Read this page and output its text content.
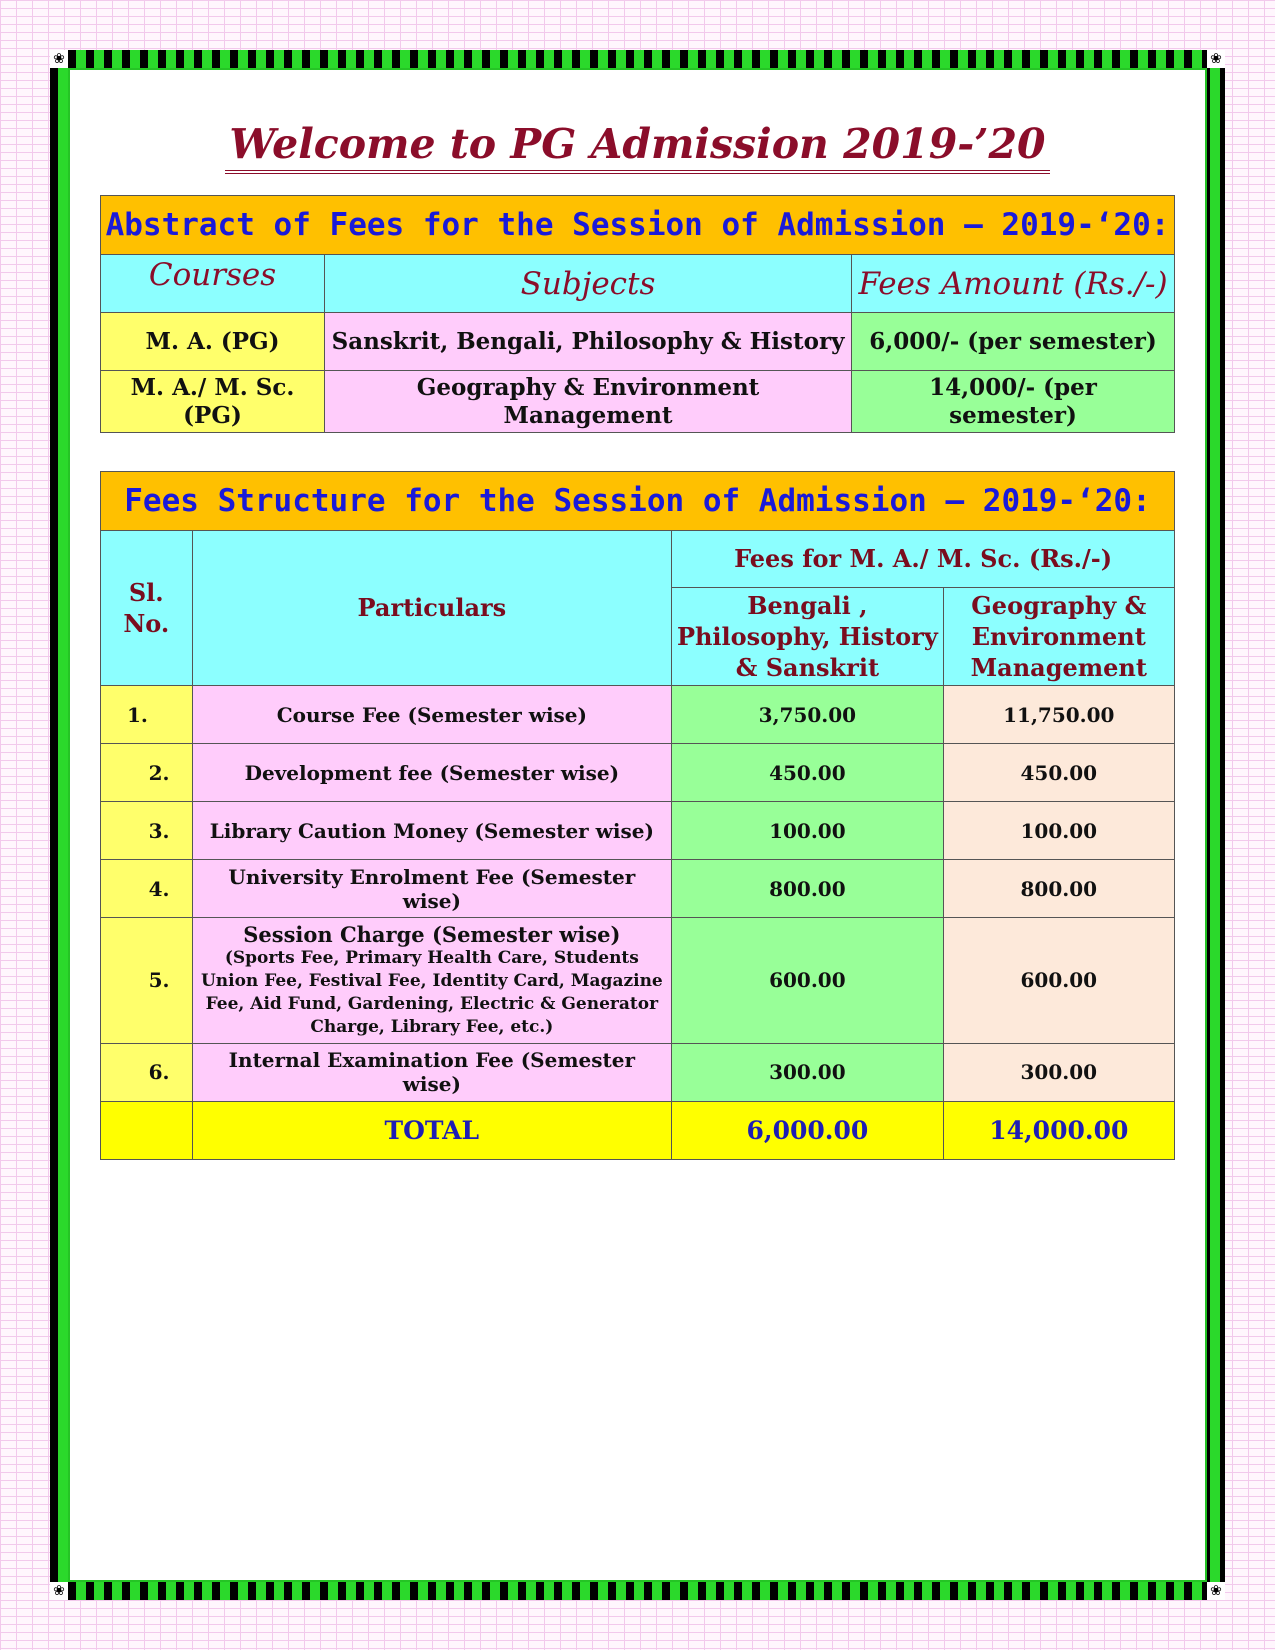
❀	❀
❀	❀
Welcome to PG Admission 2019-’20
Abstract of Fees for the Session of Admission – 2019-‘20:		
Courses	Subjects	Fees Amount (Rs./-)
M. A. (PG)	Sanskrit, Bengali, Philosophy & History	6,000/- (per semester)
M. A./ M. Sc. (PG)	Geography & Environment Management	14,000/- (per semester)
Fees Structure for the Session of Admission – 2019-‘20:			
Sl. No.	Particulars	Fees for M. A./ M. Sc. (Rs./-)	
		Bengali , Philosophy, History & Sanskrit	Geography & Environment Management
1.	Course Fee (Semester wise)	3,750.00	11,750.00
2.	Development fee (Semester wise)	450.00	450.00
3.	Library Caution Money (Semester wise)	100.00	100.00
4.	University Enrolment Fee (Semester wise)	800.00	800.00
5.	Session Charge (Semester wise)
(Sports Fee, Primary Health Care, Students Union Fee, Festival Fee, Identity Card, Magazine Fee, Aid Fund, Gardening, Electric & Generator Charge, Library Fee, etc.)	600.00	600.00
6.	Internal Examination Fee (Semester wise)	300.00	300.00
	TOTAL	6,000.00	14,000.00
